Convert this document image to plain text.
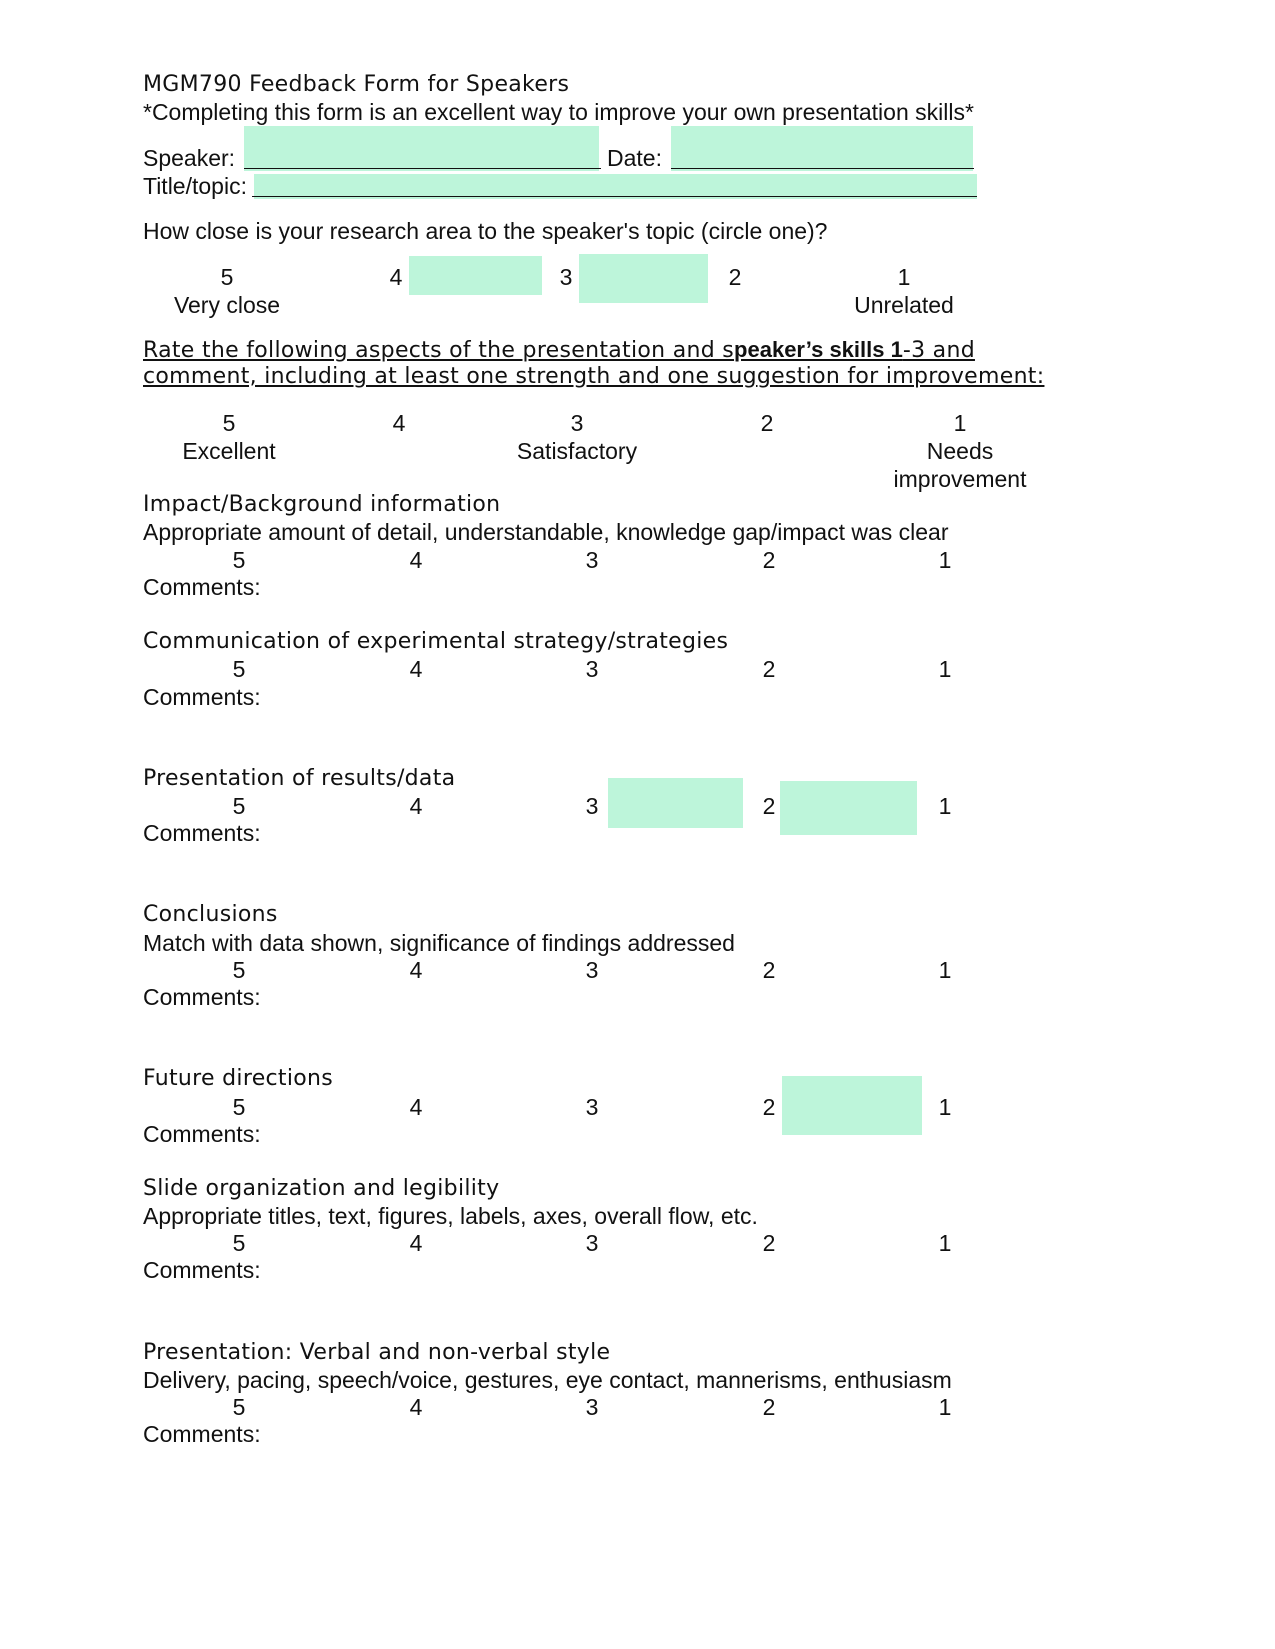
MGM790 Feedback Form for Speakers
*Completing this form is an excellent way to improve your own presentation skills*
Speaker:	Date:
Title/topic:
How close is your research area to the speaker's topic (circle one)?
5	4	3	2	1
Very close	Unrelated
Rate the following aspects of the presentation and speaker’s skills 1-3 and
comment, including at least one strength and one suggestion for improvement:
5	4	3	2	1
Excellent	Satisfactory	Needs improvement
Impact/Background information
Appropriate amount of detail, understandable, knowledge gap/impact was clear
5	4	3	2	1
Comments:
Communication of experimental strategy/strategies
5	4	3	2	1
Comments:
Presentation of results/data
5	4	3	2	1
Comments:
Conclusions
Match with data shown, significance of findings addressed
5	4	3	2	1
Comments:
Future directions
5	4	3	2	1
Comments:
Slide organization and legibility
Appropriate titles, text, figures, labels, axes, overall flow, etc.
5	4	3	2	1
Comments:
Presentation: Verbal and non-verbal style
Delivery, pacing, speech/voice, gestures, eye contact, mannerisms, enthusiasm
5	4	3	2	1
Comments:
